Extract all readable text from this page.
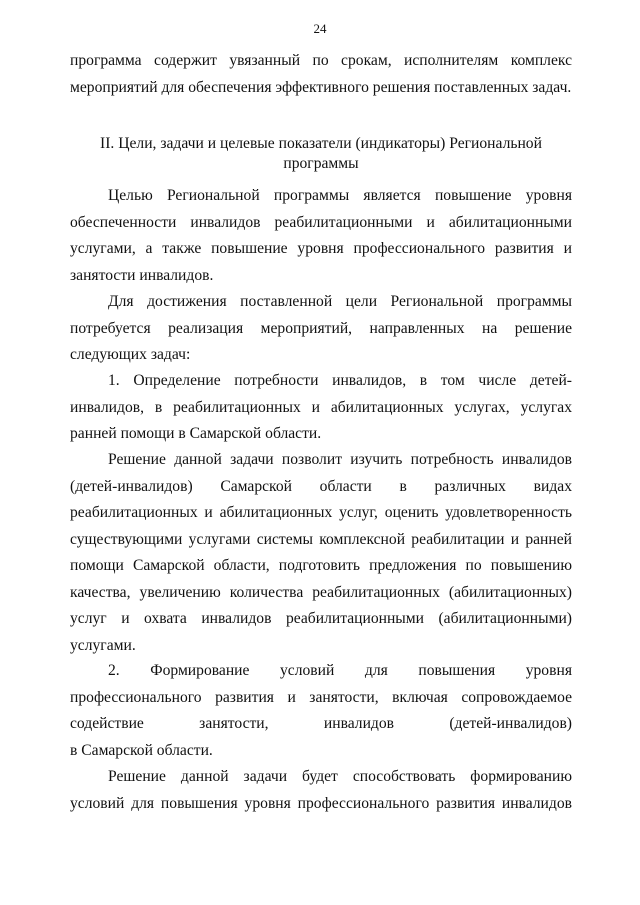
24
программа содержит увязанный по срокам, исполнителям комплекс
мероприятий для обеспечения эффективного решения поставленных задач.
II. Цели, задачи и целевые показатели (индикаторы) Региональной
программы
Целью Региональной программы является повышение уровня
обеспеченности инвалидов реабилитационными и абилитационными
услугами, а также повышение уровня профессионального развития и
занятости инвалидов.
Для достижения поставленной цели Региональной программы
потребуется реализация мероприятий, направленных на решение
следующих задач:
1. Определение потребности инвалидов, в том числе детей-
инвалидов, в реабилитационных и абилитационных услугах, услугах
ранней помощи в Самарской области.
Решение данной задачи позволит изучить потребность инвалидов
(детей-инвалидов) Самарской области в различных видах
реабилитационных и абилитационных услуг, оценить удовлетворенность
существующими услугами системы комплексной реабилитации и ранней
помощи Самарской области, подготовить предложения по повышению
качества, увеличению количества реабилитационных (абилитационных)
услуг и охвата инвалидов реабилитационными (абилитационными)
услугами.
2. Формирование условий для повышения уровня
профессионального развития и занятости, включая сопровождаемое
содействие занятости, инвалидов (детей-инвалидов)
в Самарской области.
Решение данной задачи будет способствовать формированию
условий для повышения уровня профессионального развития инвалидов
